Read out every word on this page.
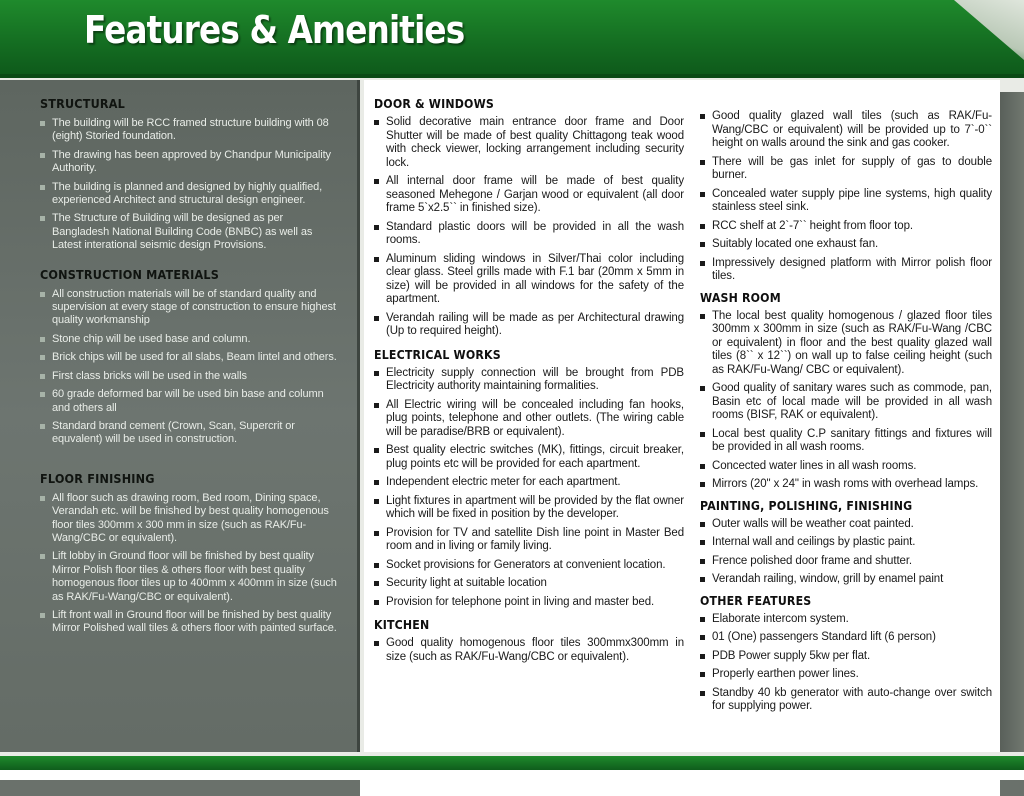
Features & Amenities
STRUCTURAL
The building will be RCC framed structure building with 08 (eight) Storied foundation.
The drawing has been approved by Chandpur Municipality Authority.
The building is planned and designed by highly qualified, experienced Architect and structural design engineer.
The Structure of Building will be designed as per Bangladesh National Building Code (BNBC) as well as Latest interational seismic design Provisions.
CONSTRUCTION MATERIALS
All construction materials will be of standard quality and supervision at every stage of construction to ensure highest quality workmanship
Stone chip will be used base and column.
Brick chips will be used for all slabs, Beam lintel and others.
First class bricks will be used in the walls
60 grade deformed bar will be used bin base and column and others all
Standard brand cement (Crown, Scan, Supercrit or equvalent) will be used in construction.
FLOOR FINISHING
All floor such as drawing room, Bed room, Dining space, Verandah etc. will be finished by best quality homogenous floor tiles 300mm x 300 mm in size (such as RAK/Fu-Wang/CBC or equivalent).
Lift lobby in Ground floor will be finished by best quality Mirror Polish floor tiles & others floor with best quality homogenous floor tiles up to 400mm x 400mm in size (such as RAK/Fu-Wang/CBC or equivalent).
Lift front wall in Ground floor will be finished by best quality Mirror Polished wall tiles & others floor with painted surface.
DOOR & WINDOWS
Solid decorative main entrance door frame and Door Shutter will be made of best quality Chittagong teak wood with check viewer, locking arrangement including security lock.
All internal door frame will be made of best quality seasoned Mehegone / Garjan wood or equivalent (all door frame 5`x2.5`` in finished size).
Standard plastic doors will be provided in all the wash rooms.
Aluminum sliding windows in Silver/Thai color including clear glass. Steel grills made with F.1 bar (20mm x 5mm in size) will be provided in all windows for the safety of the apartment.
Verandah railing will be made as per Architectural drawing (Up to required height).
ELECTRICAL WORKS
Electricity supply connection will be brought from PDB Electricity authority maintaining formalities.
All Electric wiring will be concealed including fan hooks, plug points, telephone and other outlets. (The wiring cable will be paradise/BRB or equivalent).
Best quality electric switches (MK), fittings, circuit breaker, plug points etc will be provided for each apartment.
Independent electric meter for each apartment.
Light fixtures in apartment will be provided by the flat owner which will be fixed in position by the developer.
Provision for TV and satellite Dish line point in Master Bed room and in living or family living.
Socket provisions for Generators at convenient location.
Security light at suitable location
Provision for telephone point in living and master bed.
KITCHEN
Good quality homogenous floor tiles 300mmx300mm in size (such as RAK/Fu-Wang/CBC or equivalent).
Good quality glazed wall tiles (such as RAK/Fu-Wang/CBC or equivalent) will be provided up to 7`-0`` height on walls around the sink and gas cooker.
There will be gas inlet for supply of gas to double burner.
Concealed water supply pipe line systems, high quality stainless steel sink.
RCC shelf at 2`-7`` height from floor top.
Suitably located one exhaust fan.
Impressively designed platform with Mirror polish floor tiles.
WASH ROOM
The local best quality homogenous / glazed floor tiles 300mm x 300mm in size (such as RAK/Fu-Wang /CBC or equivalent) in floor and the best quality glazed wall tiles (8`` x 12``) on wall up to false ceiling height (such as RAK/Fu-Wang/ CBC or equivalent).
Good quality of sanitary wares such as commode, pan, Basin etc of local made will be provided in all wash rooms (BISF, RAK or equivalent).
Local best quality C.P sanitary fittings and fixtures will be provided in all wash rooms.
Concected water lines in all wash rooms.
Mirrors (20" x 24" in wash roms with overhead lamps.
PAINTING, POLISHING, FINISHING
Outer walls will be weather coat painted.
Internal wall and ceilings by plastic paint.
Frence polished door frame and shutter.
Verandah railing, window, grill by enamel paint
OTHER FEATURES
Elaborate intercom system.
01 (One) passengers Standard lift (6 person)
PDB Power supply 5kw per flat.
Properly earthen power lines.
Standby 40 kb generator with auto-change over switch for supplying power.
